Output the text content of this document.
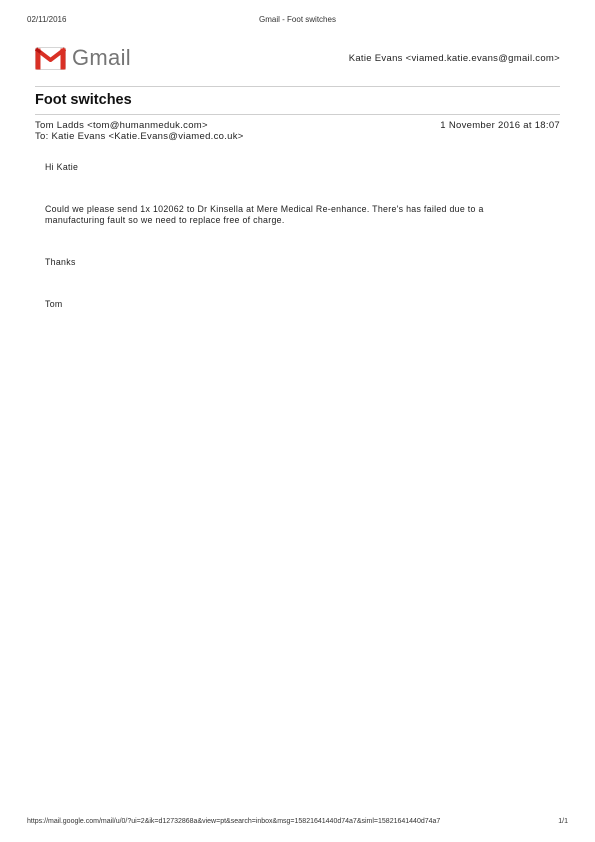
02/11/2016	Gmail - Foot switches
Gmail	Katie Evans <viamed.katie.evans@gmail.com>
Foot switches
Tom Ladds <tom@humanmeduk.com>	1 November 2016 at 18:07
To: Katie Evans <Katie.Evans@viamed.co.uk>
Hi Katie
Could we please send 1x 102062 to Dr Kinsella at Mere Medical Re-enhance. There's has failed due to a
manufacturing fault so we need to replace free of charge.
Thanks
Tom
https://mail.google.com/mail/u/0/?ui=2&ik=d12732868a&view=pt&search=inbox&msg=15821641440d74a7&siml=15821641440d74a7	1/1
